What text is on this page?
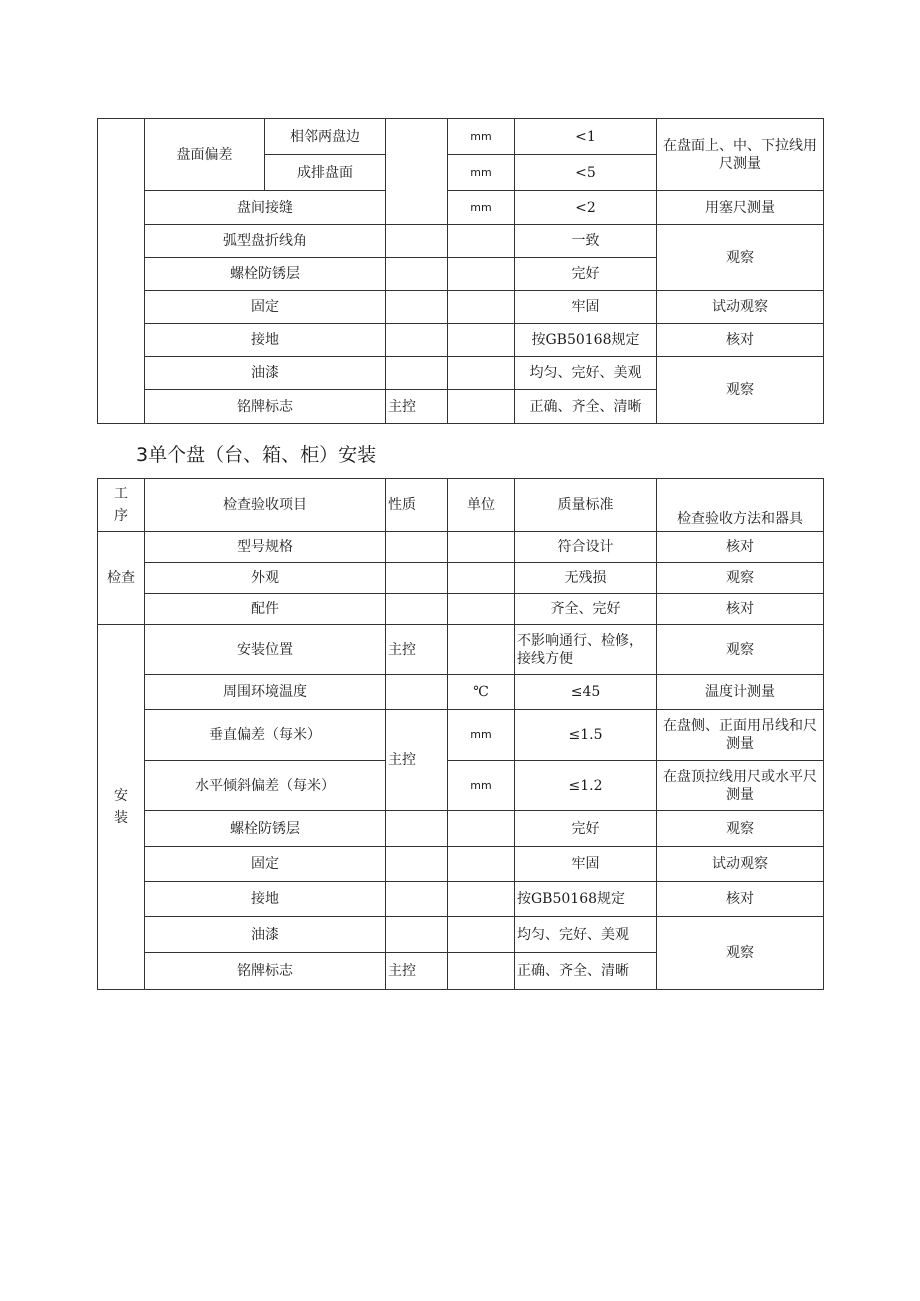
	盘面偏差	相邻两盘边		mm	<1	在盘面上、中、下拉线用尺测量
		成排盘面		mm	<5	
	盘间接缝			mm	<2	用塞尺测量
	弧型盘折线角				一致	观察
	螺栓防锈层				完好	
	固定				牢固	试动观察
	接地				按GB50168规定	核对
	油漆				均匀、完好、美观	观察
	铭牌标志		主控		正确、齐全、清晰	
3单个盘（台、箱、柜）安装
工
序	检查验收项目	性质	单位	质量标准	检查验收方法和器具
检查	型号规格			符合设计	核对
	外观			无残损	观察
	配件			齐全、完好	核对

安
装	安装位置	主控		不影响通行、检修，接线方便	观察
	周围环境温度		℃	≤45	温度计测量
	垂直偏差（每米）	主控	mm	≤1.5	在盘侧、正面用吊线和尺测量
	水平倾斜偏差（每米）		mm	≤1.2	在盘顶拉线用尺或水平尺测量
	螺栓防锈层			完好	观察
	固定			牢固	试动观察
	接地			按GB50168规定	核对
	油漆			均匀、完好、美观	观察
	铭牌标志	主控		正确、齐全、清晰	
